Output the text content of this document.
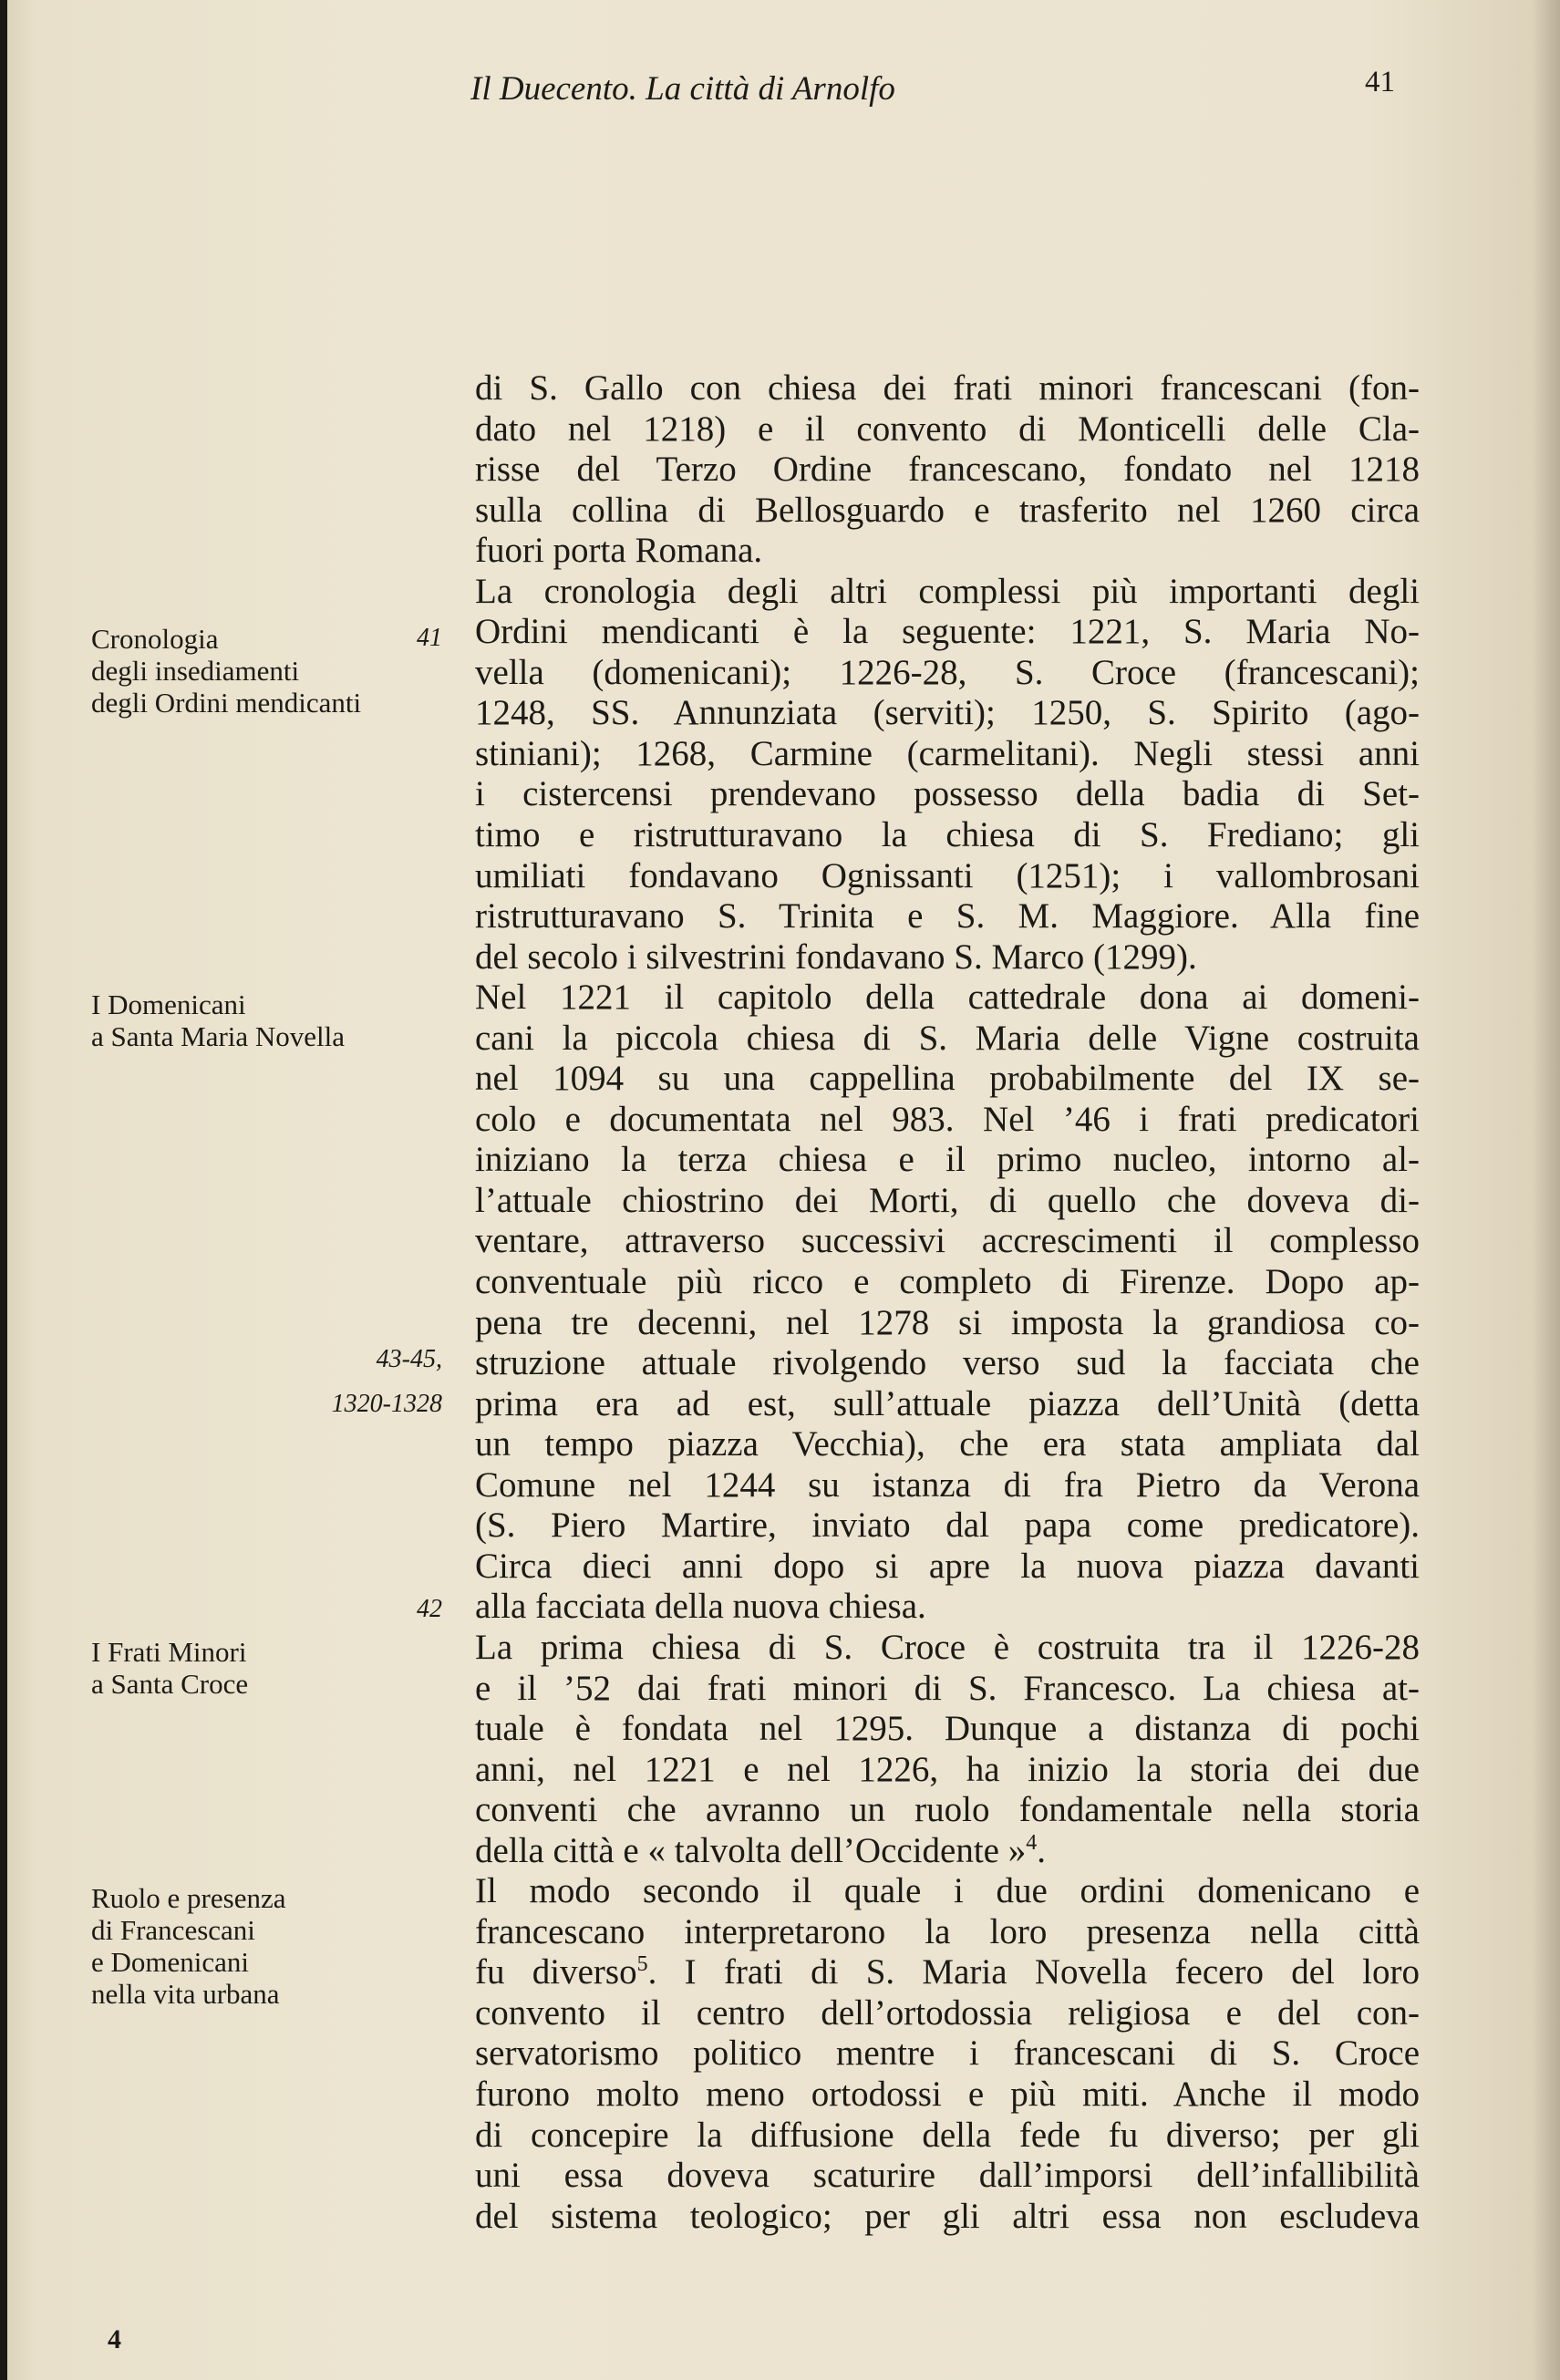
Il Duecento. La città di Arnolfo	41
Cronologia
degli insediamenti
degli Ordini mendicanti
I Domenicani
a Santa Maria Novella
I Frati Minori
a Santa Croce
Ruolo e presenza
di Francescani
e Domenicani
nella vita urbana
41
43-45,
1320-1328
42
di S. Gallo con chiesa dei frati minori francescani (fon-
dato nel 1218) e il convento di Monticelli delle Cla-
risse del Terzo Ordine francescano, fondato nel 1218
sulla collina di Bellosguardo e trasferito nel 1260 circa
fuori porta Romana.
La cronologia degli altri complessi più importanti degli
Ordini mendicanti è la seguente: 1221, S. Maria No-
vella (domenicani); 1226-28, S. Croce (francescani);
1248, SS. Annunziata (serviti); 1250, S. Spirito (ago-
stiniani); 1268, Carmine (carmelitani). Negli stessi anni
i cistercensi prendevano possesso della badia di Set-
timo e ristrutturavano la chiesa di S. Frediano; gli
umiliati fondavano Ognissanti (1251); i vallombrosani
ristrutturavano S. Trinita e S. M. Maggiore. Alla fine
del secolo i silvestrini fondavano S. Marco (1299).
Nel 1221 il capitolo della cattedrale dona ai domeni-
cani la piccola chiesa di S. Maria delle Vigne costruita
nel 1094 su una cappellina probabilmente del IX se-
colo e documentata nel 983. Nel ’46 i frati predicatori
iniziano la terza chiesa e il primo nucleo, intorno al-
l’attuale chiostrino dei Morti, di quello che doveva di-
ventare, attraverso successivi accrescimenti il complesso
conventuale più ricco e completo di Firenze. Dopo ap-
pena tre decenni, nel 1278 si imposta la grandiosa co-
struzione attuale rivolgendo verso sud la facciata che
prima era ad est, sull’attuale piazza dell’Unità (detta
un tempo piazza Vecchia), che era stata ampliata dal
Comune nel 1244 su istanza di fra Pietro da Verona
(S. Piero Martire, inviato dal papa come predicatore).
Circa dieci anni dopo si apre la nuova piazza davanti
alla facciata della nuova chiesa.
La prima chiesa di S. Croce è costruita tra il 1226-28
e il ’52 dai frati minori di S. Francesco. La chiesa at-
tuale è fondata nel 1295. Dunque a distanza di pochi
anni, nel 1221 e nel 1226, ha inizio la storia dei due
conventi che avranno un ruolo fondamentale nella storia
della città e « talvolta dell’Occidente »$^4$.
Il modo secondo il quale i due ordini domenicano e
francescano interpretarono la loro presenza nella città
fu diverso$^5$. I frati di S. Maria Novella fecero del loro
convento il centro dell’ortodossia religiosa e del con-
servatorismo politico mentre i francescani di S. Croce
furono molto meno ortodossi e più miti. Anche il modo
di concepire la diffusione della fede fu diverso; per gli
uni essa doveva scaturire dall’imporsi dell’infallibilità
del sistema teologico; per gli altri essa non escludeva
4
